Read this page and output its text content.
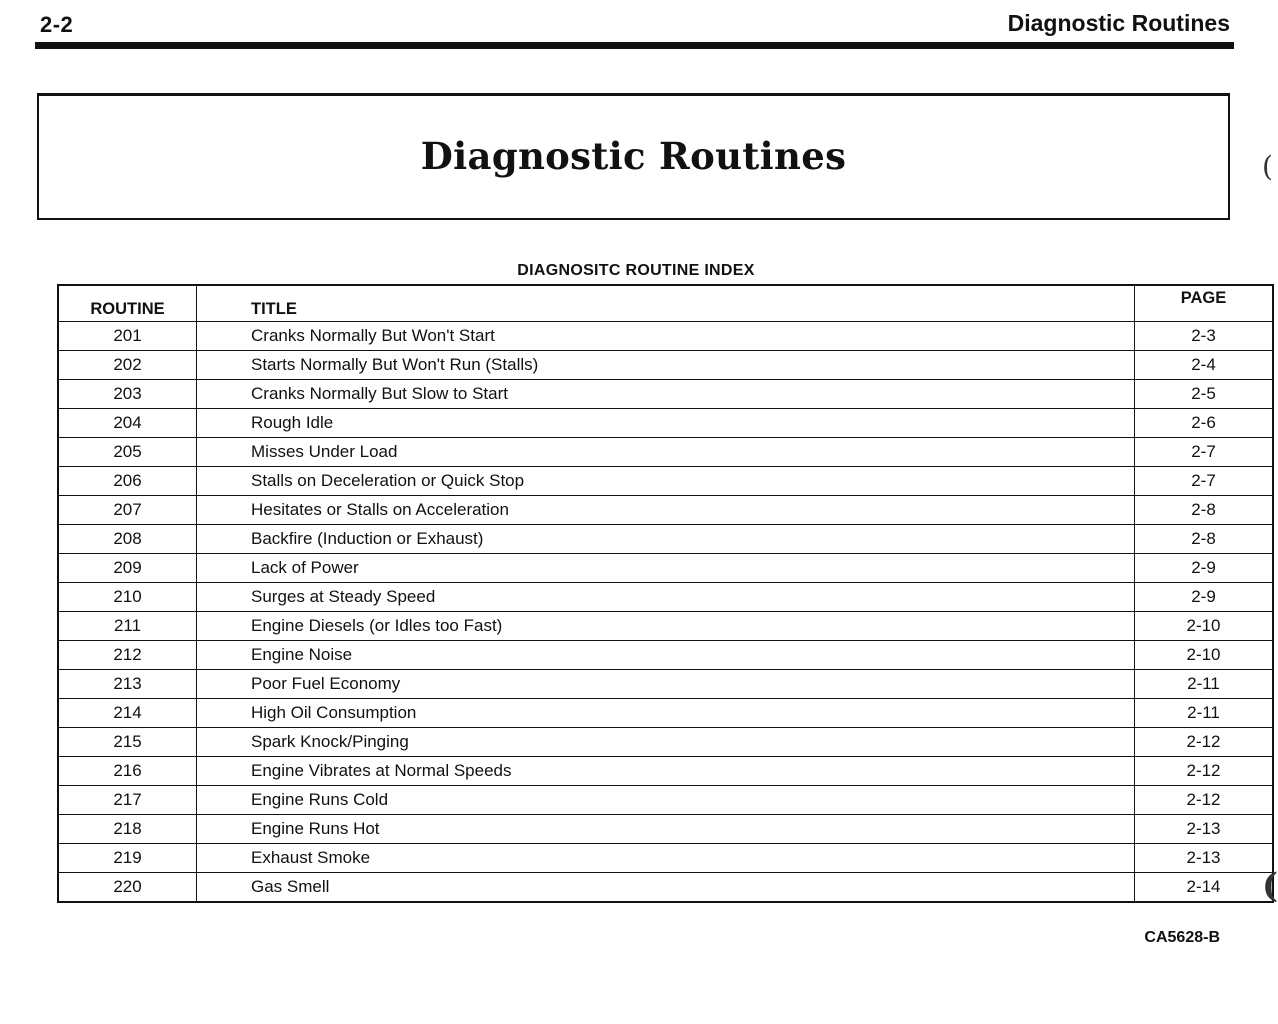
2-2	Diagnostic Routines
Diagnostic Routines
DIAGNOSITC ROUTINE INDEX
ROUTINE	TITLE	PAGE
201	Cranks Normally But Won't Start	2-3
202	Starts Normally But Won't Run (Stalls)	2-4
203	Cranks Normally But Slow to Start	2-5
204	Rough Idle	2-6
205	Misses Under Load	2-7
206	Stalls on Deceleration or Quick Stop	2-7
207	Hesitates or Stalls on Acceleration	2-8
208	Backfire (Induction or Exhaust)	2-8
209	Lack of Power	2-9
210	Surges at Steady Speed	2-9
211	Engine Diesels (or Idles too Fast)	2-10
212	Engine Noise	2-10
213	Poor Fuel Economy	2-11
214	High Oil Consumption	2-11
215	Spark Knock/Pinging	2-12
216	Engine Vibrates at Normal Speeds	2-12
217	Engine Runs Cold	2-12
218	Engine Runs Hot	2-13
219	Exhaust Smoke	2-13
220	Gas Smell	2-14
CA5628-B
(
(
